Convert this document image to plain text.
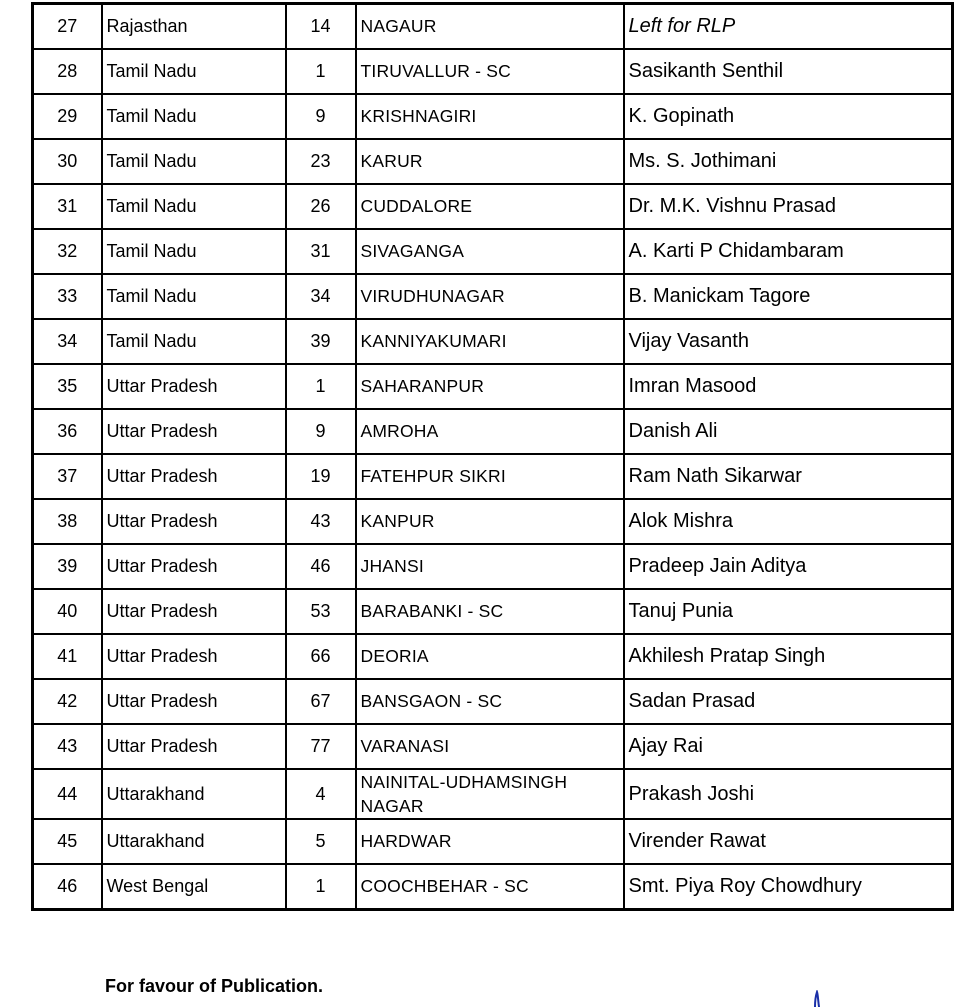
27	Rajasthan	14	NAGAUR	Left for RLP
28	Tamil Nadu	1	TIRUVALLUR - SC	Sasikanth Senthil
29	Tamil Nadu	9	KRISHNAGIRI	K. Gopinath
30	Tamil Nadu	23	KARUR	Ms. S. Jothimani
31	Tamil Nadu	26	CUDDALORE	Dr. M.K. Vishnu Prasad
32	Tamil Nadu	31	SIVAGANGA	A. Karti P Chidambaram
33	Tamil Nadu	34	VIRUDHUNAGAR	B. Manickam Tagore
34	Tamil Nadu	39	KANNIYAKUMARI	Vijay Vasanth
35	Uttar Pradesh	1	SAHARANPUR	Imran Masood
36	Uttar Pradesh	9	AMROHA	Danish Ali
37	Uttar Pradesh	19	FATEHPUR SIKRI	Ram Nath Sikarwar
38	Uttar Pradesh	43	KANPUR	Alok Mishra
39	Uttar Pradesh	46	JHANSI	Pradeep Jain Aditya
40	Uttar Pradesh	53	BARABANKI - SC	Tanuj Punia
41	Uttar Pradesh	66	DEORIA	Akhilesh Pratap Singh
42	Uttar Pradesh	67	BANSGAON - SC	Sadan Prasad
43	Uttar Pradesh	77	VARANASI	Ajay Rai
44	Uttarakhand	4	NAINITAL-UDHAMSINGH NAGAR	Prakash Joshi
45	Uttarakhand	5	HARDWAR	Virender Rawat
46	West Bengal	1	COOCHBEHAR - SC	Smt. Piya Roy Chowdhury
For favour of Publication.
